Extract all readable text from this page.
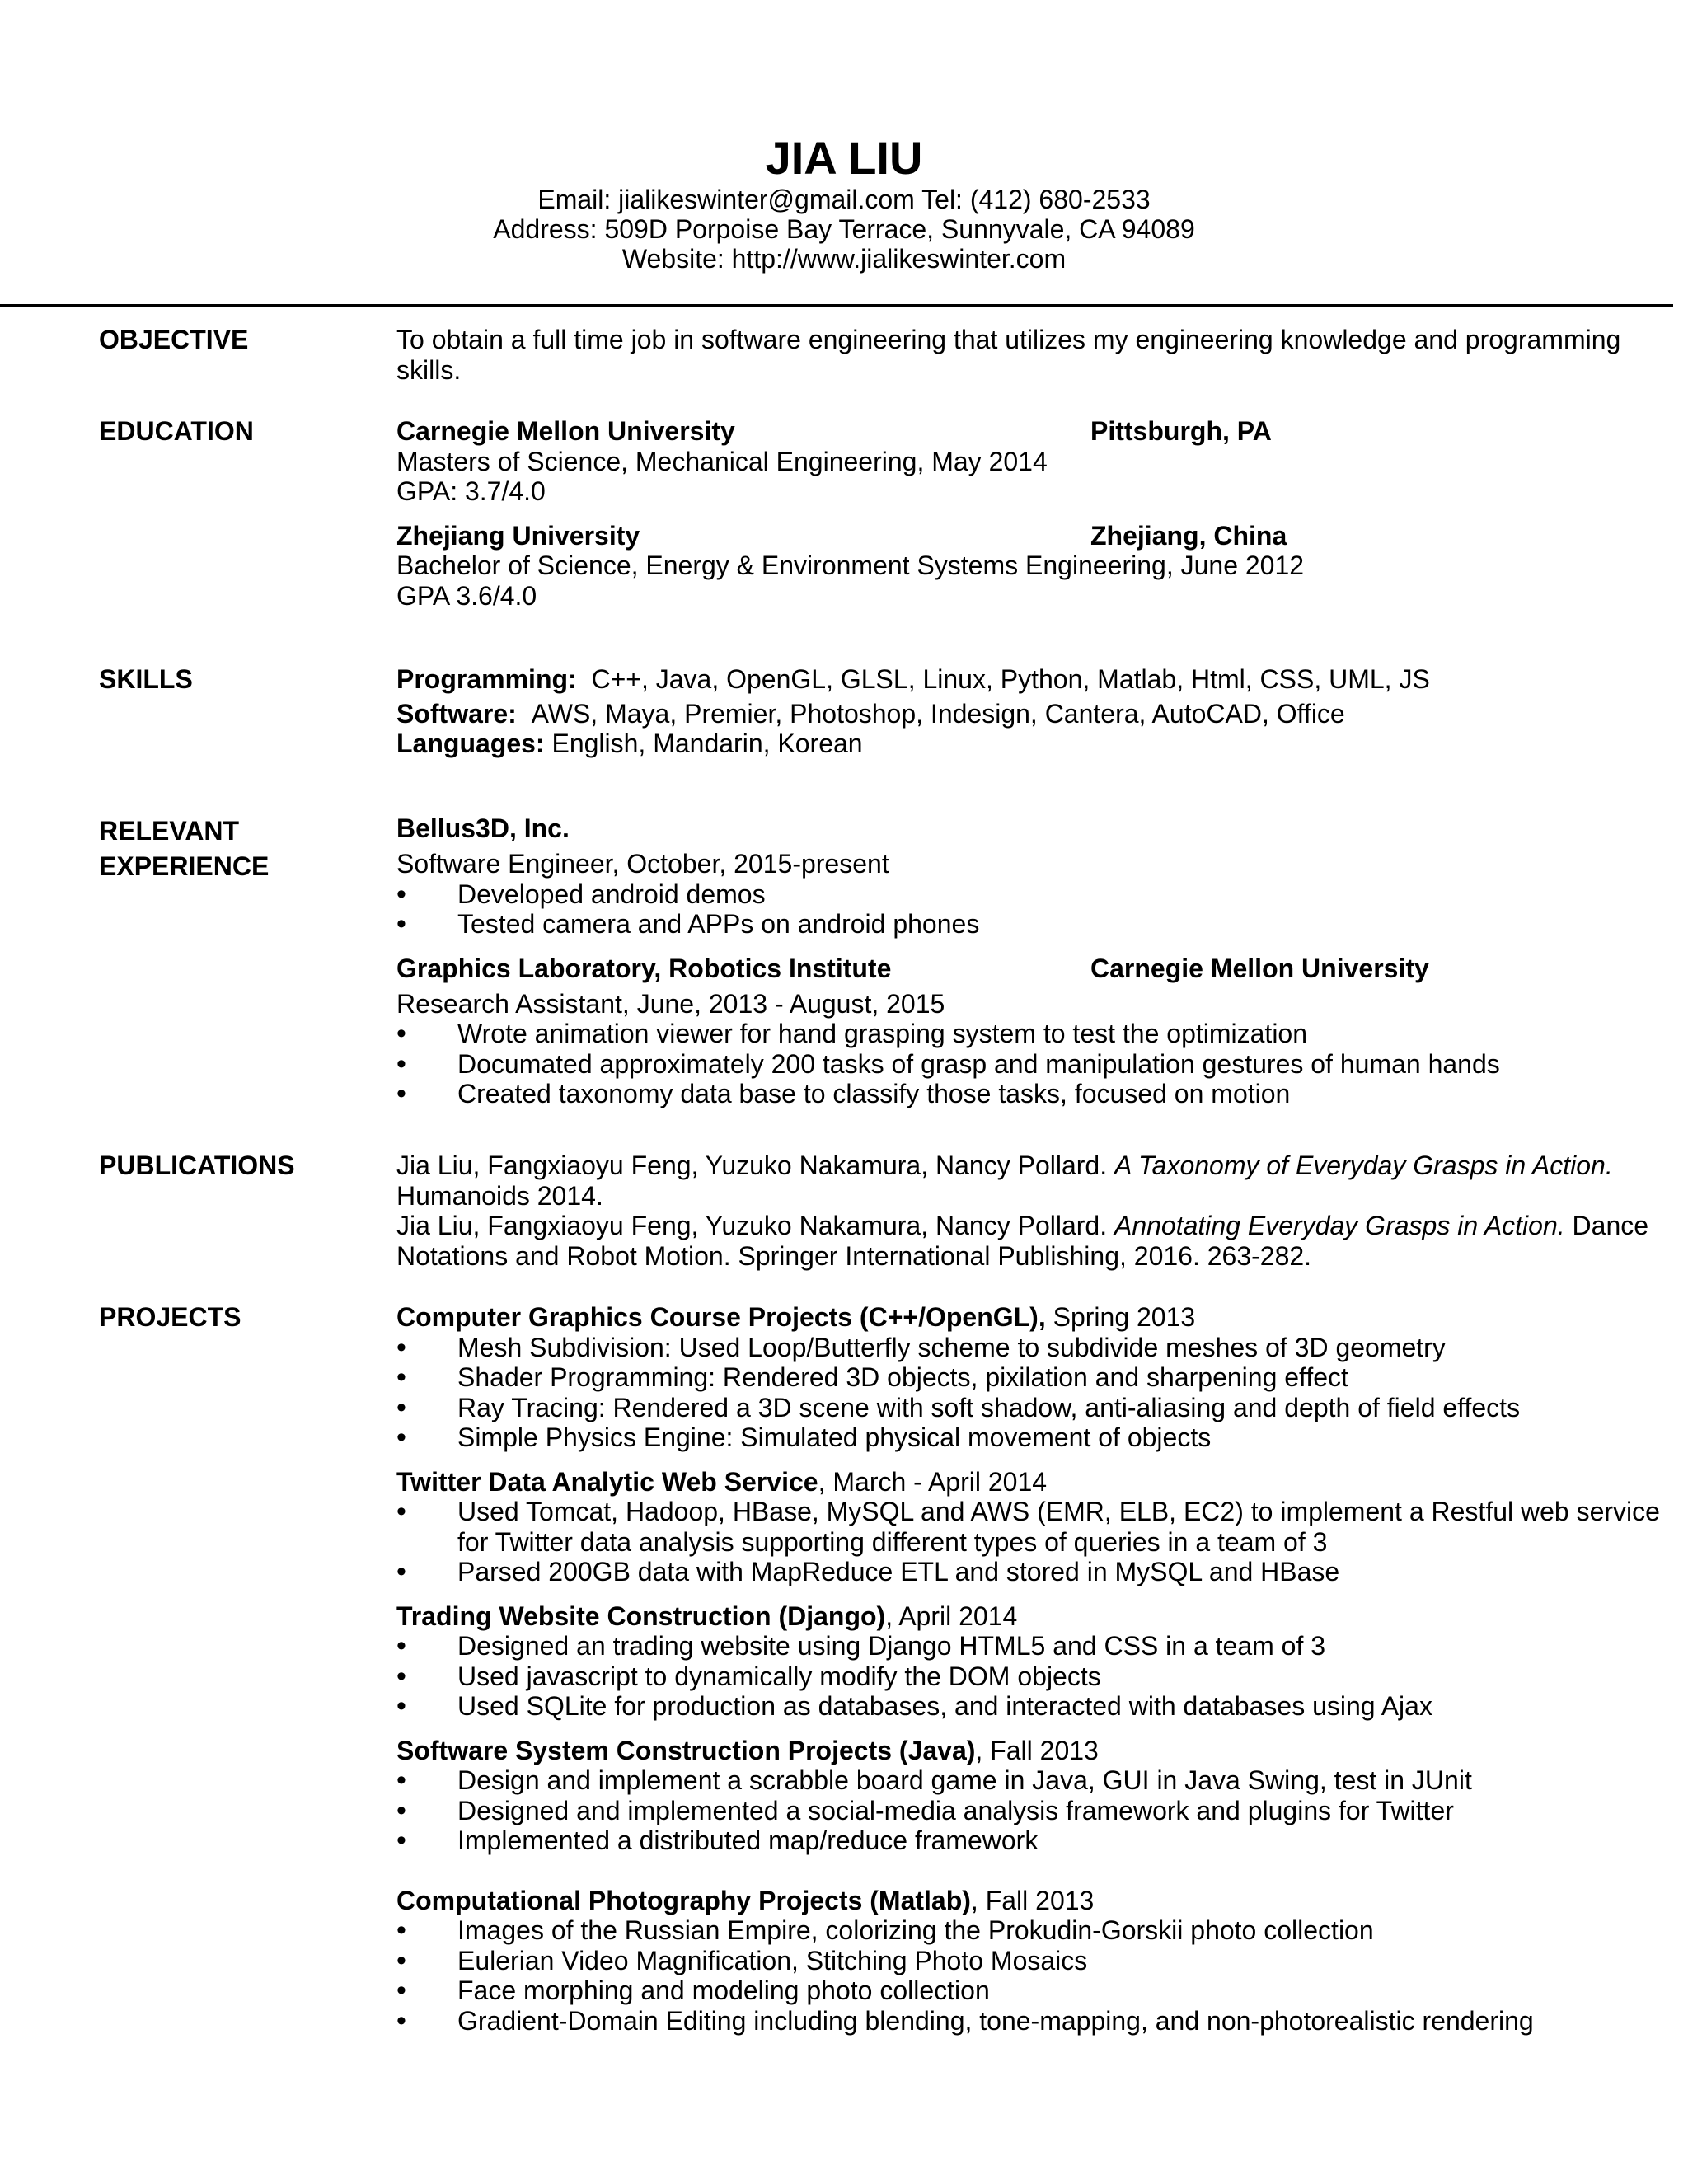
JIA LIU
Email: jialikeswinter@gmail.com Tel: (412) 680-2533
Address: 509D Porpoise Bay Terrace, Sunnyvale, CA 94089
Website: http://www.jialikeswinter.com
OBJECTIVE	To obtain a full time job in software engineering that utilizes my engineering knowledge and programming skills.
EDUCATION	Carnegie Mellon University	Pittsburgh, PA

Masters of Science, Mechanical Engineering, May 2014

GPA: 3.7/4.0

Zhejiang University	Zhejiang, China

Bachelor of Science, Energy & Environment Systems Engineering, June 2012

GPA 3.6/4.0

SKILLS	Programming: C++, Java, OpenGL, GLSL, Linux, Python, Matlab, Html, CSS, UML, JS

Software: AWS, Maya, Premier, Photoshop, Indesign, Cantera, AutoCAD, Office

Languages: English, Mandarin, Korean

RELEVANT
EXPERIENCE
Bellus3D, Inc.

Software Engineer, October, 2015-present

• Developed android demos
• Tested camera and APPs on android phones
Graphics Laboratory, Robotics Institute	Carnegie Mellon University

Research Assistant, June, 2013 - August, 2015

• Wrote animation viewer for hand grasping system to test the optimization
• Documated approximately 200 tasks of grasp and manipulation gestures of human hands
• Created taxonomy data base to classify those tasks, focused on motion
PUBLICATIONS	Jia Liu, Fangxiaoyu Feng, Yuzuko Nakamura, Nancy Pollard. A Taxonomy of Everyday Grasps in Action. Humanoids 2014.

Jia Liu, Fangxiaoyu Feng, Yuzuko Nakamura, Nancy Pollard. Annotating Everyday Grasps in Action. Dance Notations and Robot Motion. Springer International Publishing, 2016. 263-282.

PROJECTS	Computer Graphics Course Projects (C++/OpenGL), Spring 2013

• Mesh Subdivision: Used Loop/Butterfly scheme to subdivide meshes of 3D geometry
• Shader Programming: Rendered 3D objects, pixilation and sharpening effect
• Ray Tracing: Rendered a 3D scene with soft shadow, anti-aliasing and depth of field effects
• Simple Physics Engine: Simulated physical movement of objects

Twitter Data Analytic Web Service, March - April 2014

• Used Tomcat, Hadoop, HBase, MySQL and AWS (EMR, ELB, EC2) to implement a Restful web service for Twitter data analysis supporting different types of queries in a team of 3
• Parsed 200GB data with MapReduce ETL and stored in MySQL and HBase

Trading Website Construction (Django), April 2014

• Designed an trading website using Django HTML5 and CSS in a team of 3
• Used javascript to dynamically modify the DOM objects
• Used SQLite for production as databases, and interacted with databases using Ajax

Software System Construction Projects (Java), Fall 2013

• Design and implement a scrabble board game in Java, GUI in Java Swing, test in JUnit
• Designed and implemented a social-media analysis framework and plugins for Twitter
• Implemented a distributed map/reduce framework

Computational Photography Projects (Matlab), Fall 2013

• Images of the Russian Empire, colorizing the Prokudin-Gorskii photo collection
• Eulerian Video Magnification, Stitching Photo Mosaics
• Face morphing and modeling photo collection
• Gradient-Domain Editing including blending, tone-mapping, and non-photorealistic rendering
